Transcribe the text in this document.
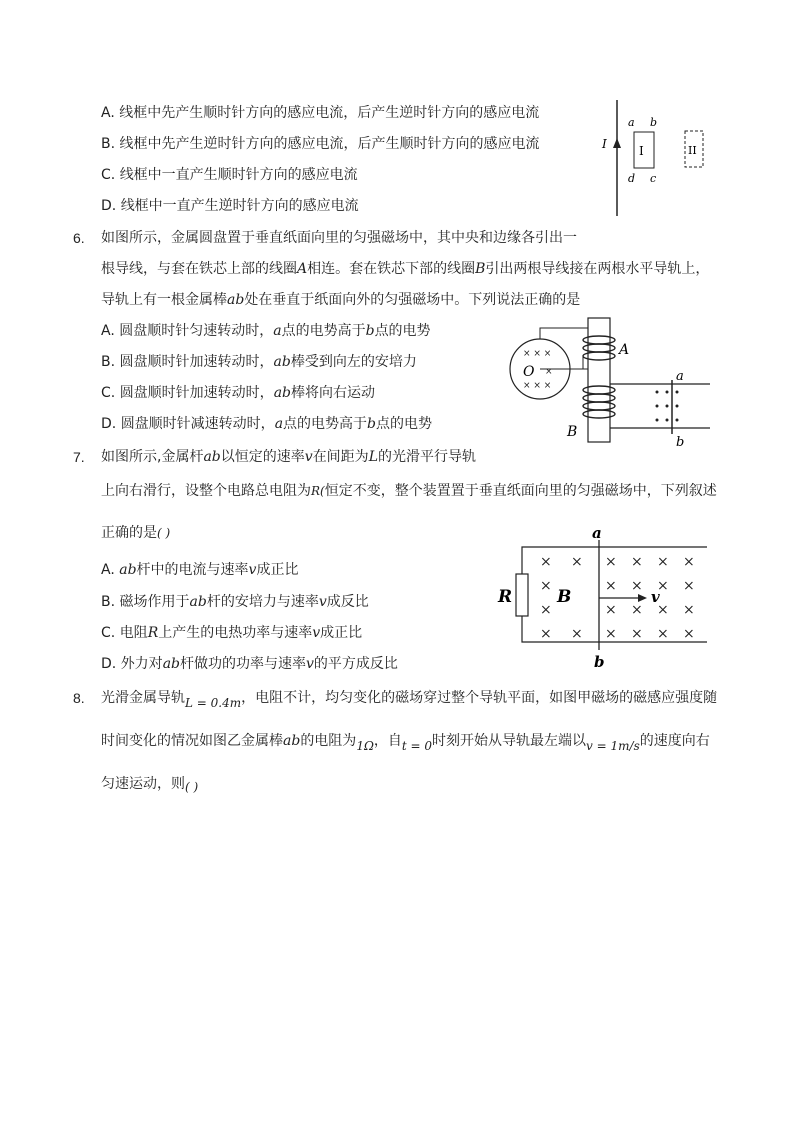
A. 线框中先产生顺时针方向的感应电流，后产生逆时针方向的感应电流
B. 线框中先产生逆时针方向的感应电流，后产生顺时针方向的感应电流
C. 线框中一直产生顺时针方向的感应电流
D. 线框中一直产生逆时针方向的感应电流
I	I
a b
d c
II
6. 如图所示，金属圆盘置于垂直纸面向里的匀强磁场中，其中央和边缘各引出一
根导线，与套在铁芯上部的线圈A相连。套在铁芯下部的线圈B引出两根导线接在两根水平导轨上，
导轨上有一根金属棒ab处在垂直于纸面向外的匀强磁场中。下列说法正确的是
A. 圆盘顺时针匀速转动时，a点的电势高于b点的电势
B. 圆盘顺时针加速转动时，ab棒受到向左的安培力
C. 圆盘顺时针加速转动时，ab棒将向右运动
D. 圆盘顺时针减速转动时，a点的电势高于b点的电势
× × ×
× × ×
×
O
A
B
a
b
7. 如图所示,金属杆ab以恒定的速率v在间距为L的光滑平行导轨
上向右滑行，设整个电路总电阻为R(恒定不变，整个装置置于垂直纸面向里的匀强磁场中，下列叙述
正确的是( )
A. ab杆中的电流与速率v成正比
B. 磁场作用于ab杆的安培力与速率v成反比
C. 电阻R上产生的电热功率与速率v成正比
D. 外力对ab杆做功的功率与速率v的平方成反比
a
R
× × × × × ×
×	× × × ×
×	× × × ×
× × × × × ×
B	v
b
8. 光滑金属导轨L = 0.4m，电阻不计，均匀变化的磁场穿过整个导轨平面，如图甲磁场的磁感应强度随
时间变化的情况如图乙金属棒ab的电阻为1Ω，自t = 0时刻开始从导轨最左端以v = 1m/s的速度向右
匀速运动，则( )
